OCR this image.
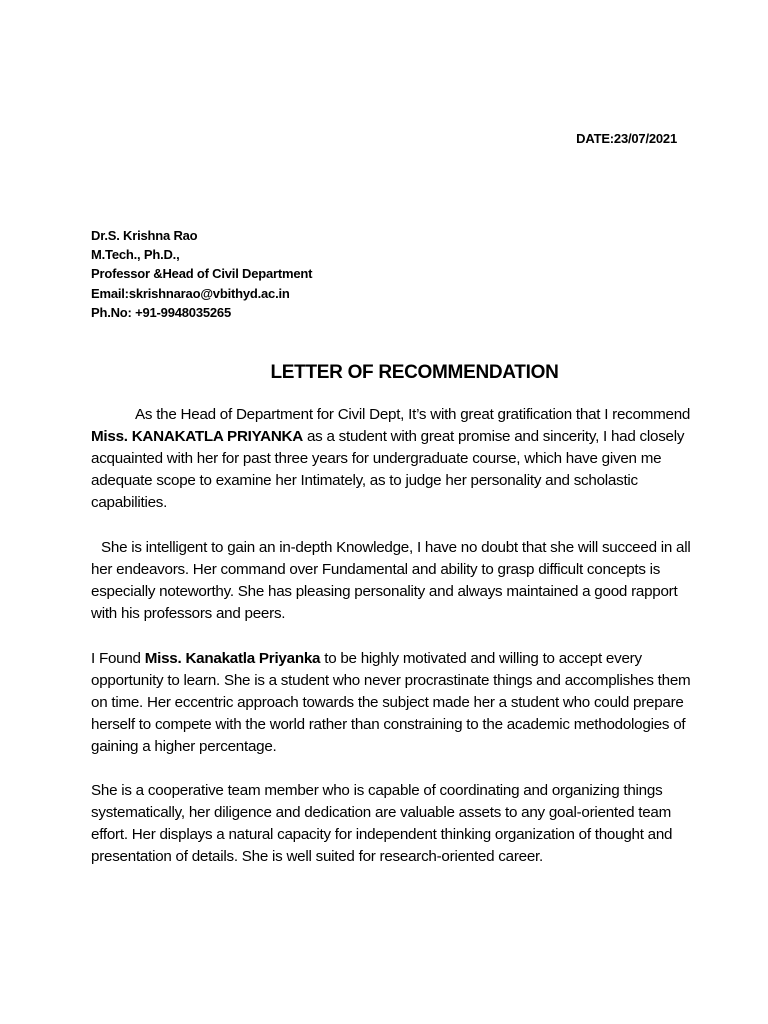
DATE:23/07/2021
Dr.S. Krishna Rao
M.Tech., Ph.D.,
Professor &Head of Civil Department
Email:skrishnarao@vbithyd.ac.in
Ph.No: +91-9948035265
LETTER OF RECOMMENDATION

As the Head of Department for Civil Dept, It’s with great gratification that I recommend Miss. KANAKATLA PRIYANKA as a student with great promise and sincerity, I had closely acquainted with her for past three years for undergraduate course, which have given me adequate scope to examine her Intimately, as to judge her personality and scholastic capabilities.

She is intelligent to gain an in-depth Knowledge, I have no doubt that she will succeed in all her endeavors. Her command over Fundamental and ability to grasp difficult concepts is especially noteworthy. She has pleasing personality and always maintained a good rapport with his professors and peers.

I Found Miss. Kanakatla Priyanka to be highly motivated and willing to accept every opportunity to learn. She is a student who never procrastinate things and accomplishes them on time. Her eccentric approach towards the subject made her a student who could prepare herself to compete with the world rather than constraining to the academic methodologies of gaining a higher percentage.

She is a cooperative team member who is capable of coordinating and organizing things systematically, her diligence and dedication are valuable assets to any goal-oriented team effort. Her displays a natural capacity for independent thinking organization of thought and presentation of details. She is well suited for research-oriented career.
